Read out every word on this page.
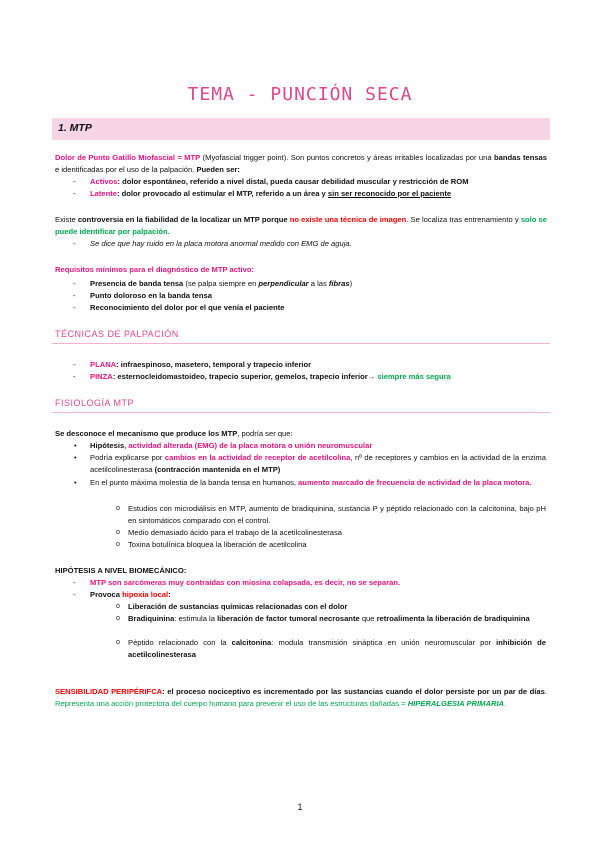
TEMA - PUNCIÓN SECA
1. MTP
Dolor de Punto Gatillo Miofascial = MTP (Myofascial trigger point). Son puntos concretos y áreas irritables localizadas por una bandas tensas e identificadas por el uso de la palpación. Pueden ser:
- Activos: dolor espontáneo, referido a nivel distal, pueda causar debilidad muscular y restricción de ROM
- Latente: dolor provocado al estimular el MTP, referido a un área y sin ser reconocido por el paciente
Existe controversia en la fiabilidad de la localizar un MTP porque no existe una técnica de imagen. Se localiza tras entrenamiento y solo se puede identificar por palpación.
- Se dice que hay ruido en la placa motora anormal medido con EMG de aguja.
Requisitos mínimos para el diagnóstico de MTP activo:
- Presencia de banda tensa (se palpa siempre en perpendicular a las fibras)
- Punto doloroso en la banda tensa
- Reconocimiento del dolor por el que venía el paciente
TÉCNICAS DE PALPACIÓN
- PLANA: infraespinoso, masetero, temporal y trapecio inferior
- PINZA: esternocleidomastoideo, trapecio superior, gemelos, trapecio inferior→ siempre más segura
FISIOLOGÍA MTP
Se desconoce el mecanismo que produce los MTP, podría ser que:
• Hipótesis, actividad alterada (EMG) de la placa motora o unión neuromuscular
• Podría explicarse por cambios en la actividad de receptor de acetilcolina, nº de receptores y cambios en la actividad de la enzima acetilcolinesterasa (contracción mantenida en el MTP)
• En el punto máxima molestia de la banda tensa en humanos, aumento marcado de frecuencia de actividad de la placa motora.
o Estudios con microdiálisis en MTP, aumento de bradiquinina, sustancia P y péptido relacionado con la calcitonina, bajo pH en sintomáticos comparado con el control.
o Medio demasiado ácido para el trabajo de la acetilcolinesterasa
o Toxina botulínica bloquea la liberación de acetilcolina
HIPÓTESIS A NIVEL BIOMECÁNICO:
- MTP son sarcómeras muy contraídas con miosina colapsada, es decir, no se separan.
- Provoca hipoxia local:
o Liberación de sustancias químicas relacionadas con el dolor
o Bradiquinina: estimula la liberación de factor tumoral necrosante que retroalimenta la liberación de bradiquinina
o Péptido relacionado con la calcitonina: modula transmisión sináptica en unión neuromuscular por inhibición de acetilcolinesterasa
SENSIBILIDAD PERIPÉRIFCA: el proceso nociceptivo es incrementado por las sustancias cuando el dolor persiste por un par de días. Representa una acción protectora del cuerpo humano para prevenir el uso de las estructuras dañadas = HIPERALGESIA PRIMARIA.
1
